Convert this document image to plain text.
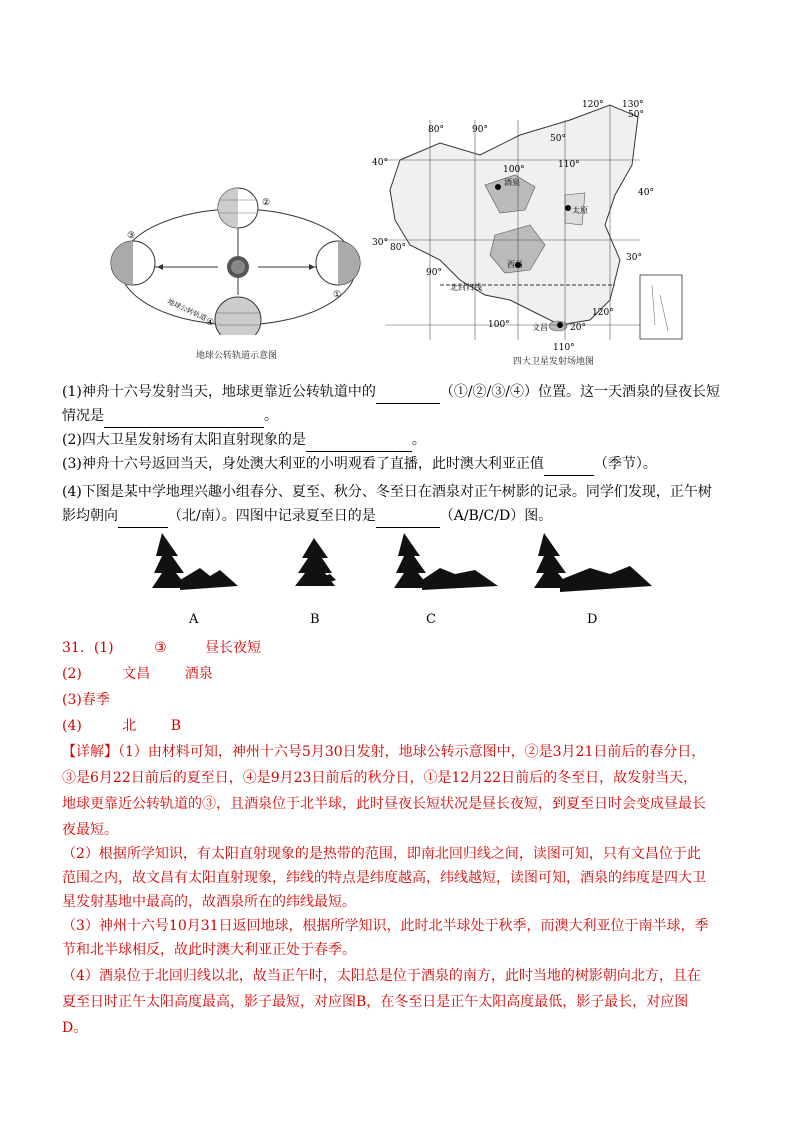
②
①
③
④
地球公转轨道
地球公转轨道示意图
酒泉
太原
西昌
文昌
北回归线
50°
40°
30°
20°
40°
30°
50°
80°	90°
100°	110°
120° 130°
80°
90°
100°
110°
120°
四大卫星发射场地图
(1)神舟十六号发射当天，地球更靠近公转轨道中的	（①/②/③/④）位置。这一天酒泉的昼夜长短
情况是	。
(2)四大卫星发射场有太阳直射现象的是	。
(3)神舟十六号返回当天，身处澳大利亚的小明观看了直播，此时澳大利亚正值	（季节）。
(4)下图是某中学地理兴趣小组春分、夏至、秋分、冬至日在酒泉对正午树影的记录。同学们发现，正午树
影均朝向	（北/南）。四图中记录夏至日的是	（A/B/C/D）图。
A	B	C	D
31．(1)	③	昼长夜短
(2)	文昌 酒泉
(3)春季
(4)	北 B
【详解】（1）由材料可知，神州十六号5月30日发射，地球公转示意图中，②是3月21日前后的春分日，
③是6月22日前后的夏至日，④是9月23日前后的秋分日，①是12月22日前后的冬至日，故发射当天，
地球更靠近公转轨道的③，且酒泉位于北半球，此时昼夜长短状况是昼长夜短，到夏至日时会变成昼最长
夜最短。
（2）根据所学知识，有太阳直射现象的是热带的范围，即南北回归线之间，读图可知，只有文昌位于此
范围之内，故文昌有太阳直射现象，纬线的特点是纬度越高，纬线越短，读图可知，酒泉的纬度是四大卫
星发射基地中最高的，故酒泉所在的纬线最短。
（3）神州十六号10月31日返回地球，根据所学知识，此时北半球处于秋季，而澳大利亚位于南半球，季
节和北半球相反，故此时澳大利亚正处于春季。
（4）酒泉位于北回归线以北，故当正午时，太阳总是位于酒泉的南方，此时当地的树影朝向北方，且在
夏至日时正午太阳高度最高，影子最短，对应图B，在冬至日是正午太阳高度最低，影子最长，对应图
D。
